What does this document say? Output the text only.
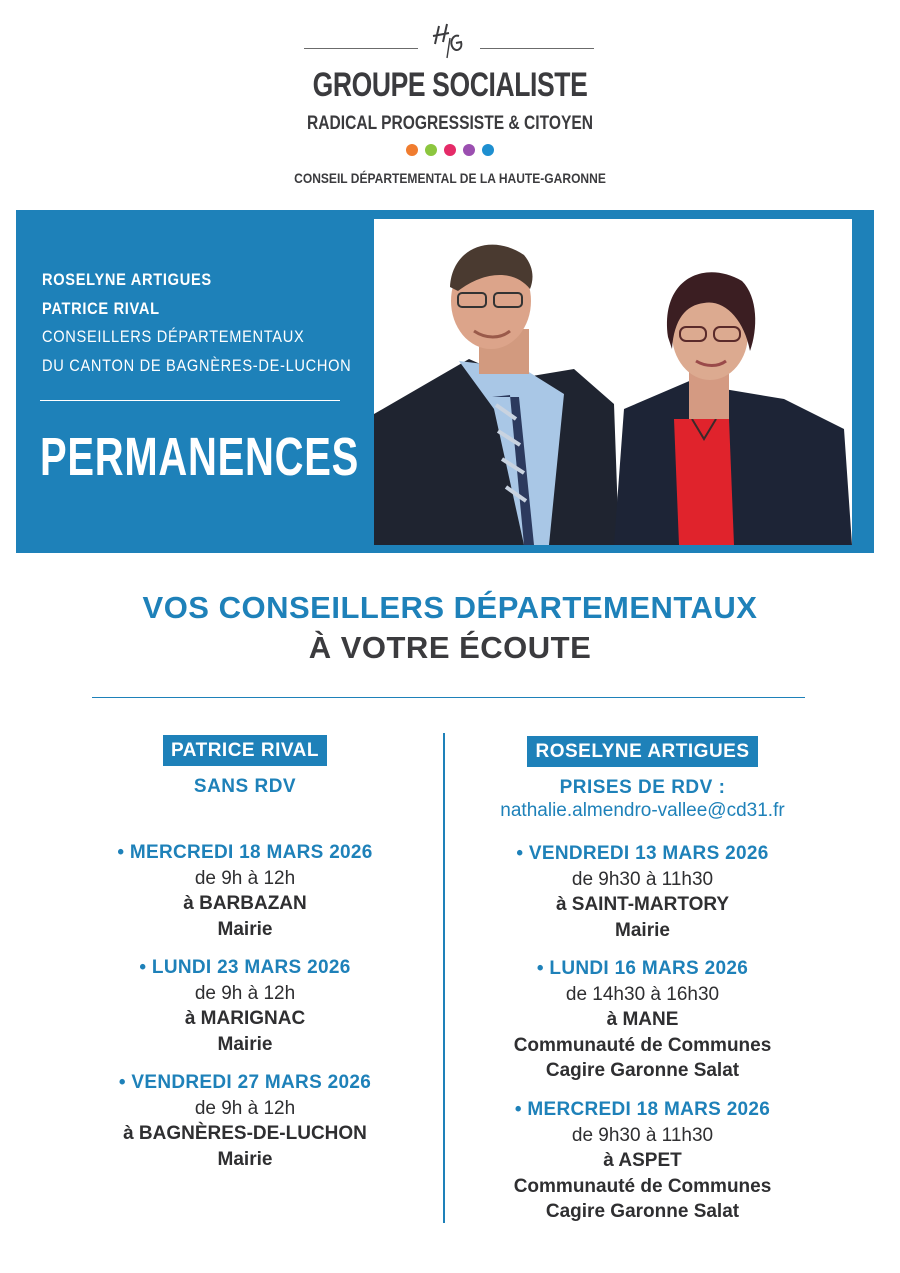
GROUPE SOCIALISTE
RADICAL PROGRESSISTE & CITOYEN

CONSEIL DÉPARTEMENTAL DE LA HAUTE-GARONNE
ROSELYNE ARTIGUES
PATRICE RIVAL
CONSEILLERS DÉPARTEMENTAUX
DU CANTON DE BAGNÈRES-DE-LUCHON
PERMANENCES
VOS CONSEILLERS DÉPARTEMENTAUX
À VOTRE ÉCOUTE
PATRICE RIVAL
SANS RDV
• MERCREDI 18 MARS 2026
de 9h à 12h
à BARBAZAN
Mairie
• LUNDI 23 MARS 2026
de 9h à 12h
à MARIGNAC
Mairie
• VENDREDI 27 MARS 2026
de 9h à 12h
à BAGNÈRES-DE-LUCHON
Mairie
ROSELYNE ARTIGUES
PRISES DE RDV :
nathalie.almendro-vallee@cd31.fr
• VENDREDI 13 MARS 2026
de 9h30 à 11h30
à SAINT-MARTORY
Mairie
• LUNDI 16 MARS 2026
de 14h30 à 16h30
à MANE
Communauté de Communes
Cagire Garonne Salat
• MERCREDI 18 MARS 2026
de 9h30 à 11h30
à ASPET
Communauté de Communes
Cagire Garonne Salat
